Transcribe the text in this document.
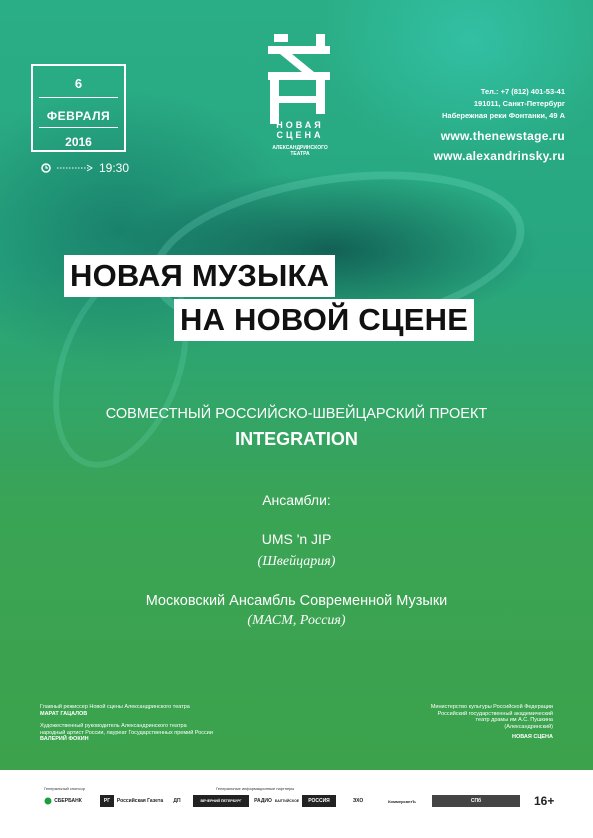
6
ФЕВРАЛЯ
2016
19:30
НОВАЯ
СЦЕНА
АЛЕКСАНДРИНСКОГО
ТЕАТРА
Тел.: +7 (812) 401-53-41
191011, Санкт-Петербург
Набережная реки Фонтанки, 49 А
www.thenewstage.ru
www.alexandrinsky.ru
НОВАЯ МУЗЫКА
НА НОВОЙ СЦЕНЕ
СОВМЕСТНЫЙ РОССИЙСКО-ШВЕЙЦАРСКИЙ ПРОЕКТ
INTEGRATION
Ансамбли:
UMS 'n JIP
(Швейцария)
Московский Ансамбль Современной Музыки
(МАСМ, Россия)
Главный режиссер Новой сцены Александринского театра
МАРАТ ГАЦАЛОВ
Художественный руководитель Александринского театра
народный артист России, лауреат Государственных премий России
ВАЛЕРИЙ ФОКИН
Министерство культуры Российской Федерации
Российский государственный академический
театр драмы им А.С. Пушкина
(Александринский)
НОВАЯ СЦЕНА
Генеральный спонсор	Генеральные информационные партнеры
СБЕРБАНК	РГ	Российская Газета	ДП	ВЕЧЕРНИЙ ПЕТЕРБУРГ	РАДИО БАЛТИЙСКОЕ	РОССИЯ	ЭХО	КоммерсантЪ	СПб	16+
